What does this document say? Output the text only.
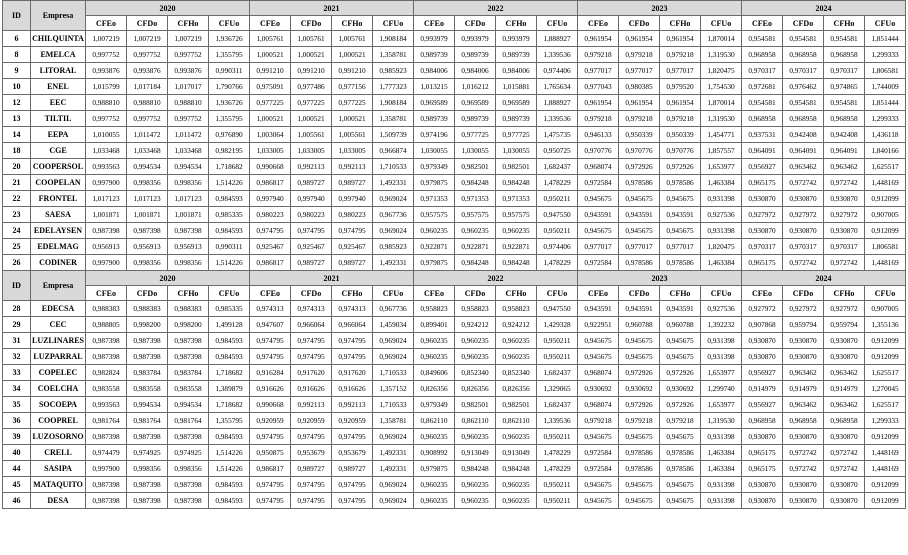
ID	Empresa	2020				2021				2022				2023				2024			
		CFEo	CFDo	CFHo	CFUo	CFEo	CFDo	CFHo	CFUo	CFEo	CFDo	CFHo	CFUo	CFEo	CFDo	CFHo	CFUo	CFEo	CFDo	CFHo	CFUo
6	CHILQUINTA	1,007219	1,007219	1,007219	1,936726	1,005761	1,005761	1,005761	1,908184	0,993979	0,993979	0,993979	1,888927	0,961954	0,961954	0,961954	1,870014	0,954581	0,954581	0,954581	1,851444
8	EMELCA	0,997752	0,997752	0,997752	1,355795	1,000521	1,000521	1,000521	1,358781	0,989739	0,989739	0,989739	1,339536	0,979218	0,979218	0,979218	1,319530	0,968958	0,968958	0,968958	1,299333
9	LITORAL	0,993876	0,993876	0,993876	0,990311	0,991210	0,991210	0,991210	0,985923	0,984006	0,984006	0,984006	0,974406	0,977017	0,977017	0,977017	1,820475	0,970317	0,970317	0,970317	1,806581
10	ENEL	1,015799	1,017184	1,017017	1,790766	0,975091	0,977486	0,977156	1,777323	1,013215	1,016212	1,015881	1,765634	0,977043	0,980385	0,979520	1,754530	0,972681	0,976462	0,974865	1,744009
12	EEC	0,988810	0,988810	0,988810	1,936726	0,977225	0,977225	0,977225	1,908184	0,969589	0,969589	0,969589	1,888927	0,961954	0,961954	0,961954	1,870014	0,954581	0,954581	0,954581	1,851444
13	TILTIL	0,997752	0,997752	0,997752	1,355795	1,000521	1,000521	1,000521	1,358781	0,989739	0,989739	0,989739	1,339536	0,979218	0,979218	0,979218	1,319530	0,968958	0,968958	0,968958	1,299333
14	EEPA	1,010055	1,011472	1,011472	0,976890	1,003064	1,005561	1,005561	1,509739	0,974196	0,977725	0,977725	1,475735	0,946133	0,950339	0,950339	1,454771	0,937531	0,942408	0,942408	1,436118
18	CGE	1,033468	1,033468	1,033468	0,982195	1,033005	1,033005	1,033005	0,966874	1,030055	1,030055	1,030055	0,950725	0,970776	0,970776	0,970776	1,857557	0,964091	0,964091	0,964091	1,840166
20	COOPERSOL	0,993563	0,994534	0,994534	1,718682	0,990668	0,992113	0,992113	1,710533	0,979349	0,982501	0,982501	1,682437	0,968074	0,972926	0,972926	1,653977	0,956927	0,963462	0,963462	1,625517
21	COOPELAN	0,997900	0,998356	0,998356	1,514226	0,986817	0,989727	0,989727	1,492331	0,979875	0,984248	0,984248	1,478229	0,972584	0,978586	0,978586	1,463384	0,965175	0,972742	0,972742	1,448169
22	FRONTEL	1,017123	1,017123	1,017123	0,984593	0,997940	0,997940	0,997940	0,969024	0,971353	0,971353	0,971353	0,950211	0,945675	0,945675	0,945675	0,931398	0,930870	0,930870	0,930870	0,912099
23	SAESA	1,001871	1,001871	1,001871	0,985335	0,980223	0,980223	0,980223	0,967736	0,957575	0,957575	0,957575	0,947550	0,943591	0,943591	0,943591	0,927536	0,927972	0,927972	0,927972	0,907005
24	EDELAYSEN	0,987398	0,987398	0,987398	0,984593	0,974795	0,974795	0,974795	0,969024	0,960235	0,960235	0,960235	0,950211	0,945675	0,945675	0,945675	0,931398	0,930870	0,930870	0,930870	0,912099
25	EDELMAG	0,956913	0,956913	0,956913	0,990311	0,925467	0,925467	0,925467	0,985923	0,922871	0,922871	0,922871	0,974406	0,977017	0,977017	0,977017	1,820475	0,970317	0,970317	0,970317	1,806581
26	CODINER	0,997900	0,998356	0,998356	1,514226	0,986817	0,989727	0,989727	1,492331	0,979875	0,984248	0,984248	1,478229	0,972584	0,978586	0,978586	1,463384	0,965175	0,972742	0,972742	1,448169
ID	Empresa	2020				2021				2022				2023				2024			
		CFEo	CFDo	CFHo	CFUo	CFEo	CFDo	CFHo	CFUo	CFEo	CFDo	CFHo	CFUo	CFEo	CFDo	CFHo	CFUo	CFEo	CFDo	CFHo	CFUo
28	EDECSA	0,988383	0,988383	0,988383	0,985335	0,974313	0,974313	0,974313	0,967736	0,958823	0,958823	0,958823	0,947550	0,943591	0,943591	0,943591	0,927536	0,927972	0,927972	0,927972	0,907005
29	CEC	0,988805	0,998200	0,998200	1,499128	0,947607	0,966064	0,966064	1,459034	0,899401	0,924212	0,924212	1,429328	0,922951	0,960788	0,960788	1,392232	0,907868	0,959794	0,959794	1,355136
31	LUZLINARES	0,987398	0,987398	0,987398	0,984593	0,974795	0,974795	0,974795	0,969024	0,960235	0,960235	0,960235	0,950211	0,945675	0,945675	0,945675	0,931398	0,930870	0,930870	0,930870	0,912099
32	LUZPARRAL	0,987398	0,987398	0,987398	0,984593	0,974795	0,974795	0,974795	0,969024	0,960235	0,960235	0,960235	0,950211	0,945675	0,945675	0,945675	0,931398	0,930870	0,930870	0,930870	0,912099
33	COPELEC	0,982824	0,983784	0,983784	1,718682	0,916284	0,917620	0,917620	1,710533	0,849606	0,852340	0,852340	1,682437	0,968074	0,972926	0,972926	1,653977	0,956927	0,963462	0,963462	1,625517
34	COELCHA	0,983558	0,983558	0,983558	1,389879	0,916626	0,916626	0,916626	1,357152	0,826356	0,826356	0,826356	1,329065	0,930692	0,930692	0,930692	1,299740	0,914979	0,914979	0,914979	1,270045
35	SOCOEPA	0,993563	0,994534	0,994534	1,718682	0,990668	0,992113	0,992113	1,710533	0,979349	0,982501	0,982501	1,682437	0,968074	0,972926	0,972926	1,653977	0,956927	0,963462	0,963462	1,625517
36	COOPREL	0,981764	0,981764	0,981764	1,355795	0,920959	0,920959	0,920959	1,358781	0,862110	0,862110	0,862110	1,339536	0,979218	0,979218	0,979218	1,319530	0,968958	0,968958	0,968958	1,299333
39	LUZOSORNO	0,987398	0,987398	0,987398	0,984593	0,974795	0,974795	0,974795	0,969024	0,960235	0,960235	0,960235	0,950211	0,945675	0,945675	0,945675	0,931398	0,930870	0,930870	0,930870	0,912099
40	CRELL	0,974479	0,974925	0,974925	1,514226	0,950875	0,953679	0,953679	1,492331	0,908992	0,913049	0,913049	1,478229	0,972584	0,978586	0,978586	1,463384	0,965175	0,972742	0,972742	1,448169
44	SASIPA	0,997900	0,998356	0,998356	1,514226	0,986817	0,989727	0,989727	1,492331	0,979875	0,984248	0,984248	1,478229	0,972584	0,978586	0,978586	1,463384	0,965175	0,972742	0,972742	1,448169
45	MATAQUITO	0,987398	0,987398	0,987398	0,984593	0,974795	0,974795	0,974795	0,969024	0,960235	0,960235	0,960235	0,950211	0,945675	0,945675	0,945675	0,931398	0,930870	0,930870	0,930870	0,912099
46	DESA	0,987398	0,987398	0,987398	0,984593	0,974795	0,974795	0,974795	0,969024	0,960235	0,960235	0,960235	0,950211	0,945675	0,945675	0,945675	0,931398	0,930870	0,930870	0,930870	0,912099
